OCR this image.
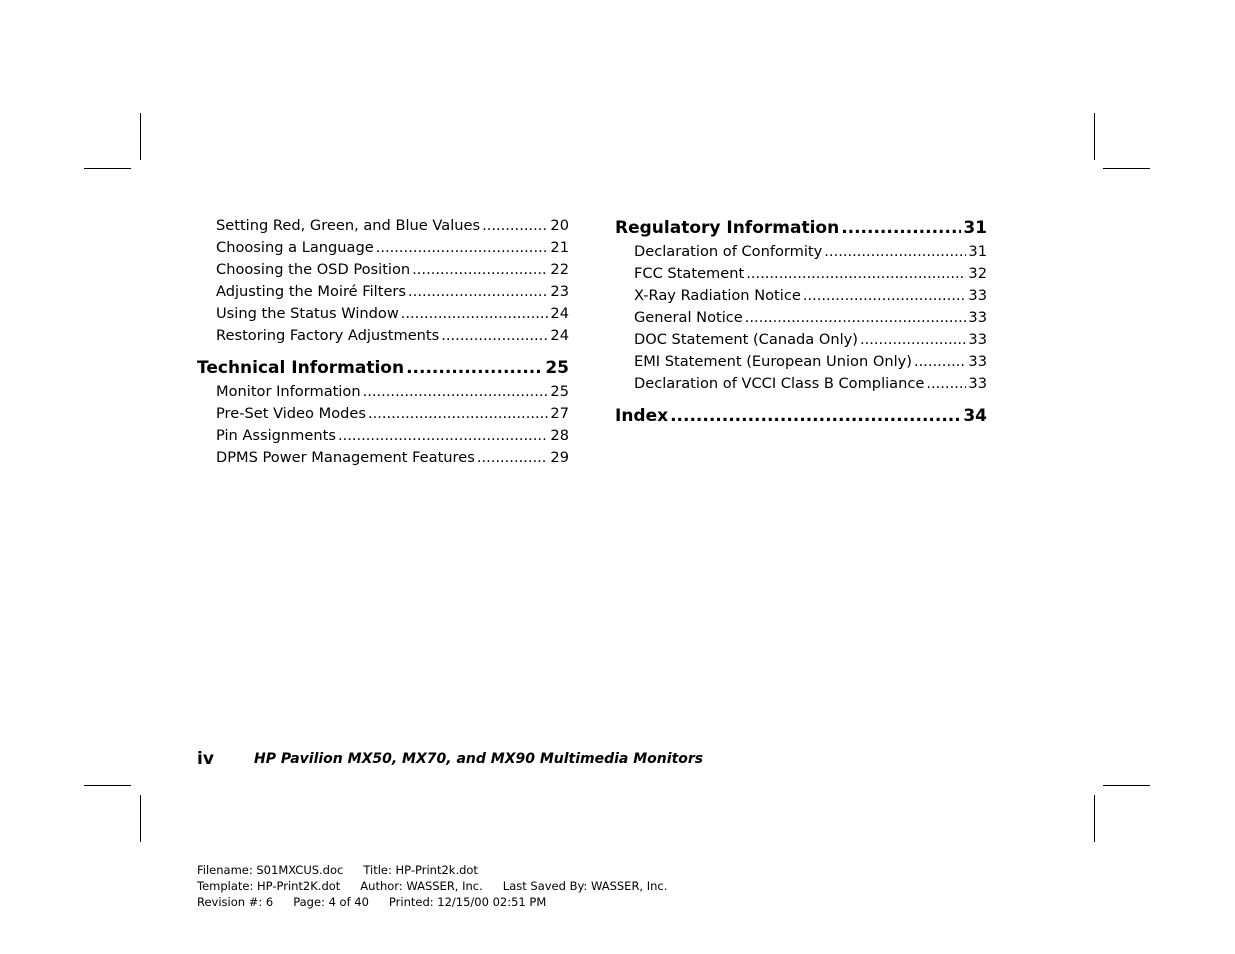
Setting Red, Green, and Blue Values .....	20
Choosing a Language .....	21
Choosing the OSD Position .....	22
Adjusting the Moiré Filters .....	23
Using the Status Window .....	24
Restoring Factory Adjustments .....	24
Technical Information .....	25
Monitor Information .....	25
Pre-Set Video Modes .....	27
Pin Assignments .....	28
DPMS Power Management Features .....	29
Regulatory Information .....	31
Declaration of Conformity .....	31
FCC Statement .....	32
X-Ray Radiation Notice .....	33
General Notice .....	33
DOC Statement (Canada Only) .....	33
EMI Statement (European Union Only) .....	33
Declaration of VCCI Class B Compliance .....	33
Index .....	34
iv	HP Pavilion MX50, MX70, and MX90 Multimedia Monitors
Filename: S01MXCUS.doc Title: HP-Print2k.dot
Template: HP-Print2K.dot Author: WASSER, Inc. Last Saved By: WASSER, Inc.
Revision #: 6 Page: 4 of 40 Printed: 12/15/00 02:51 PM
